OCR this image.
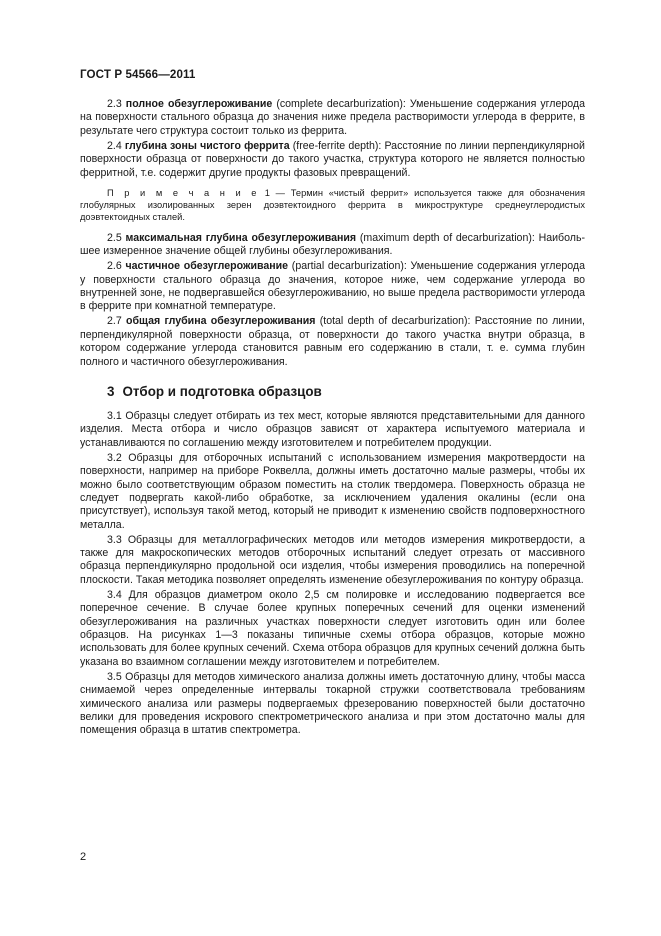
ГОСТ Р 54566—2011

2.3 полное обезуглероживание (complete decarburization): Уменьшение содержания углерода на поверхности стального образца до значения ниже предела растворимости углерода в феррите, в результате чего структура состоит только из феррита.

2.4 глубина зоны чистого феррита (free-ferrite depth): Расстояние по линии перпендикулярной поверхности образца от поверхности до такого участка, структура которого не является полностью ферритной, т.е. содержит другие продукты фазовых превращений.

П р и м е ч а н и е 1 — Термин «чистый феррит» используется также для обозначения глобулярных изолированных зерен доэвтектоидного феррита в микроструктуре среднеуглеродистых доэвтектоидных сталей.

2.5 максимальная глубина обезуглероживания (maximum depth of decarburization): Наибольшее измеренное значение общей глубины обезуглероживания.

2.6 частичное обезуглероживание (partial decarburization): Уменьшение содержания углерода у поверхности стального образца до значения, которое ниже, чем содержание углерода во внутренней зоне, не подвергавшейся обезуглероживанию, но выше предела растворимости углерода в феррите при комнатной температуре.

2.7 общая глубина обезуглероживания (total depth of decarburization): Расстояние по линии, перпендикулярной поверхности образца, от поверхности до такого участка внутри образца, в котором содержание углерода становится равным его содержанию в стали, т. е. сумма глубин полного и частичного обезуглероживания.

3 Отбор и подготовка образцов

3.1 Образцы следует отбирать из тех мест, которые являются представительными для данного изделия. Места отбора и число образцов зависят от характера испытуемого материала и устанавливаются по соглашению между изготовителем и потребителем продукции.

3.2 Образцы для отборочных испытаний с использованием измерения макротвердости на поверхности, например на приборе Роквелла, должны иметь достаточно малые размеры, чтобы их можно было соответствующим образом поместить на столик твердомера. Поверхность образца не следует подвергать какой-либо обработке, за исключением удаления окалины (если она присутствует), используя такой метод, который не приводит к изменению свойств подповерхностного металла.

3.3 Образцы для металлографических методов или методов измерения микротвердости, а также для макроскопических методов отборочных испытаний следует отрезать от массивного образца перпендикулярно продольной оси изделия, чтобы измерения проводились на поперечной плоскости. Такая методика позволяет определять изменение обезуглероживания по контуру образца.

3.4 Для образцов диаметром около 2,5 см полировке и исследованию подвергается все поперечное сечение. В случае более крупных поперечных сечений для оценки изменений обезуглероживания на различных участках поверхности следует изготовить один или более образцов. На рисунках 1—3 показаны типичные схемы отбора образцов, которые можно использовать для более крупных сечений. Схема отбора образцов для крупных сечений должна быть указана во взаимном соглашении между изготовителем и потребителем.

3.5 Образцы для методов химического анализа должны иметь достаточную длину, чтобы масса снимаемой через определенные интервалы токарной стружки соответствовала требованиям химического анализа или размеры подвергаемых фрезерованию поверхностей были достаточно велики для проведения искрового спектрометрического анализа и при этом достаточно малы для помещения образца в штатив спектрометра.

2
